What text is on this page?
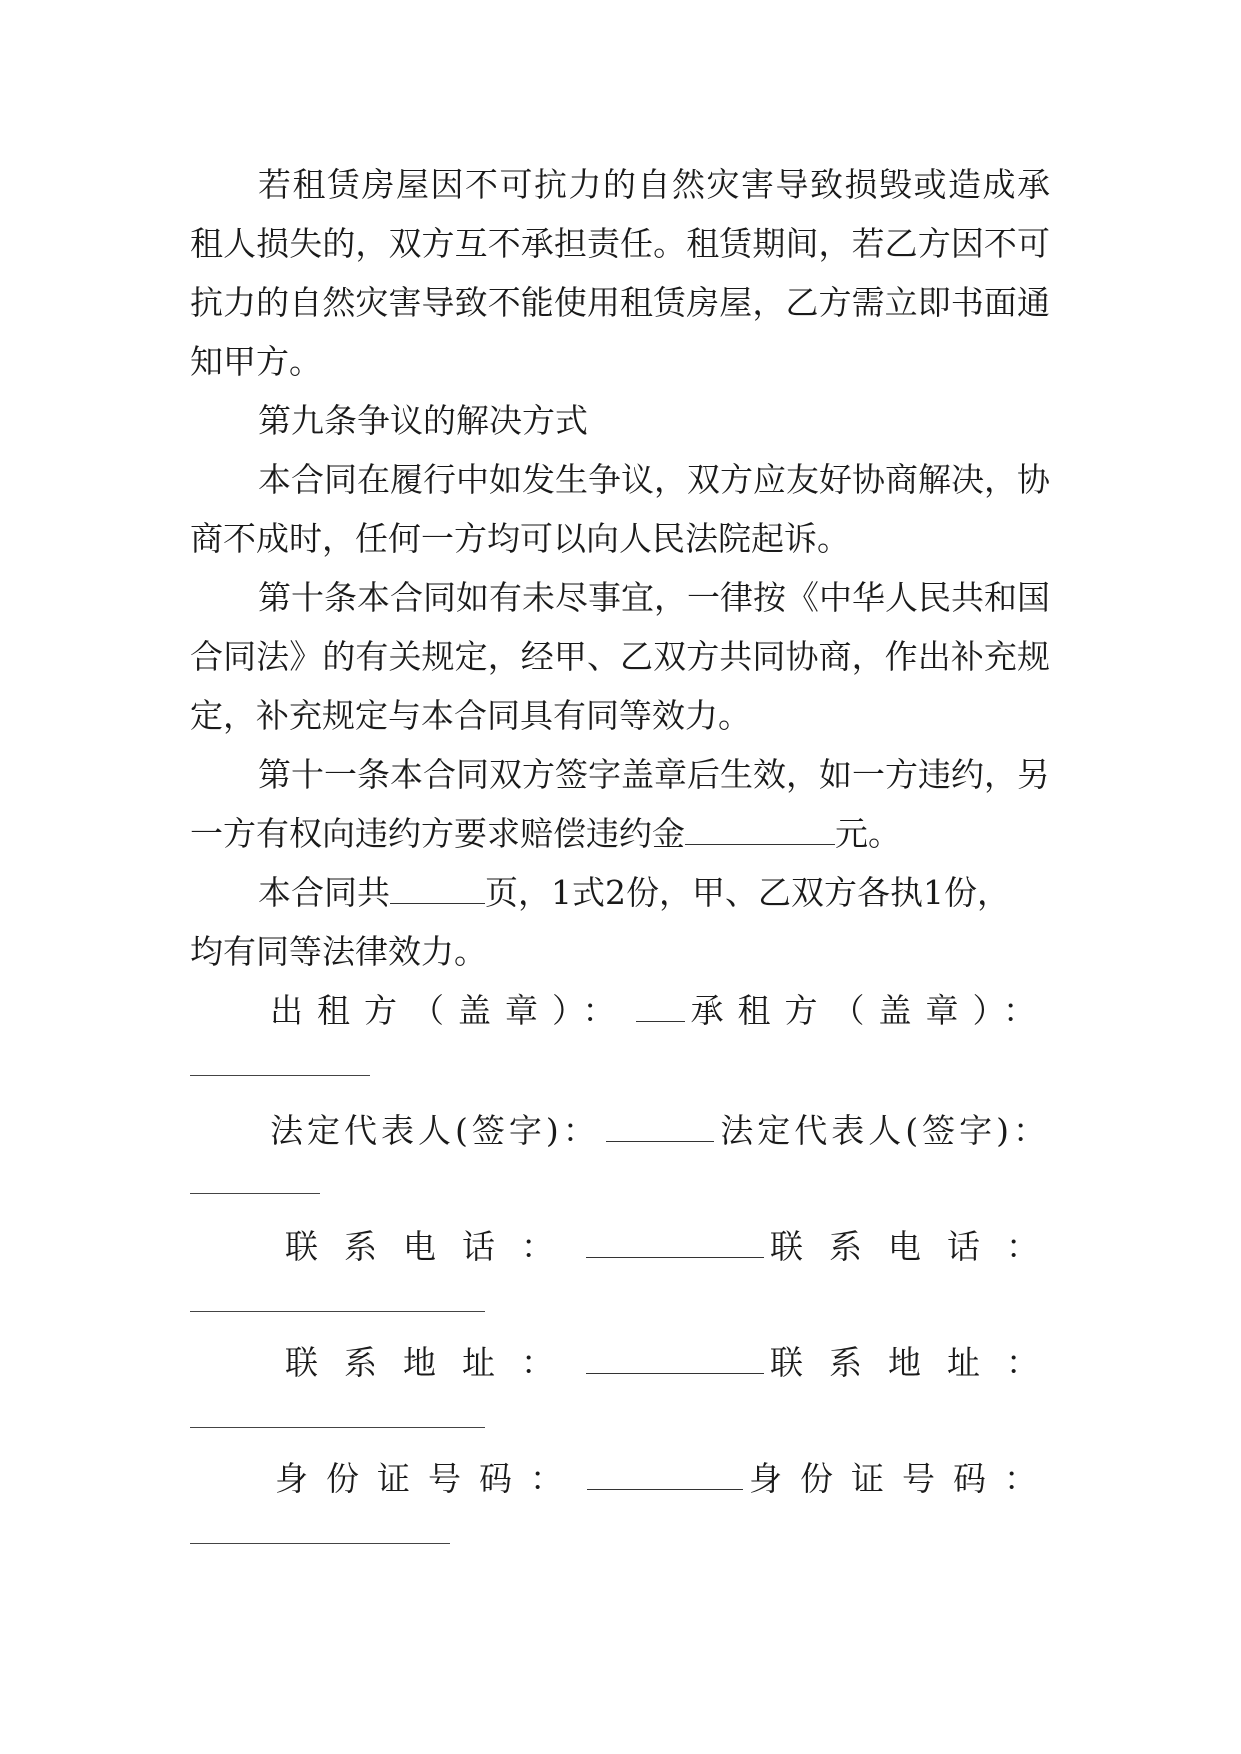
若租赁房屋因不可抗力的自然灾害导致损毁或造成承
租人损失的，双方互不承担责任。租赁期间，若乙方因不可
抗力的自然灾害导致不能使用租赁房屋，乙方需立即书面通
知甲方。
第九条争议的解决方式
本合同在履行中如发生争议，双方应友好协商解决，协
商不成时，任何一方均可以向人民法院起诉。
第十条本合同如有未尽事宜，一律按《中华人民共和国
合同法》的有关规定，经甲、乙双方共同协商，作出补充规
定，补充规定与本合同具有同等效力。
第十一条本合同双方签字盖章后生效，如一方违约，另
一方有权向违约方要求赔偿违约金	元。
本合同共	页，1式2份，甲、乙双方各执1份，
均有同等法律效力。
出租方（盖章）： 承租方（盖章）：
法定代表人(签字)：	法定代表人(签字)：
联系电话：	联系电话：
联系地址：	联系地址：
身份证号码：	身份证号码：
